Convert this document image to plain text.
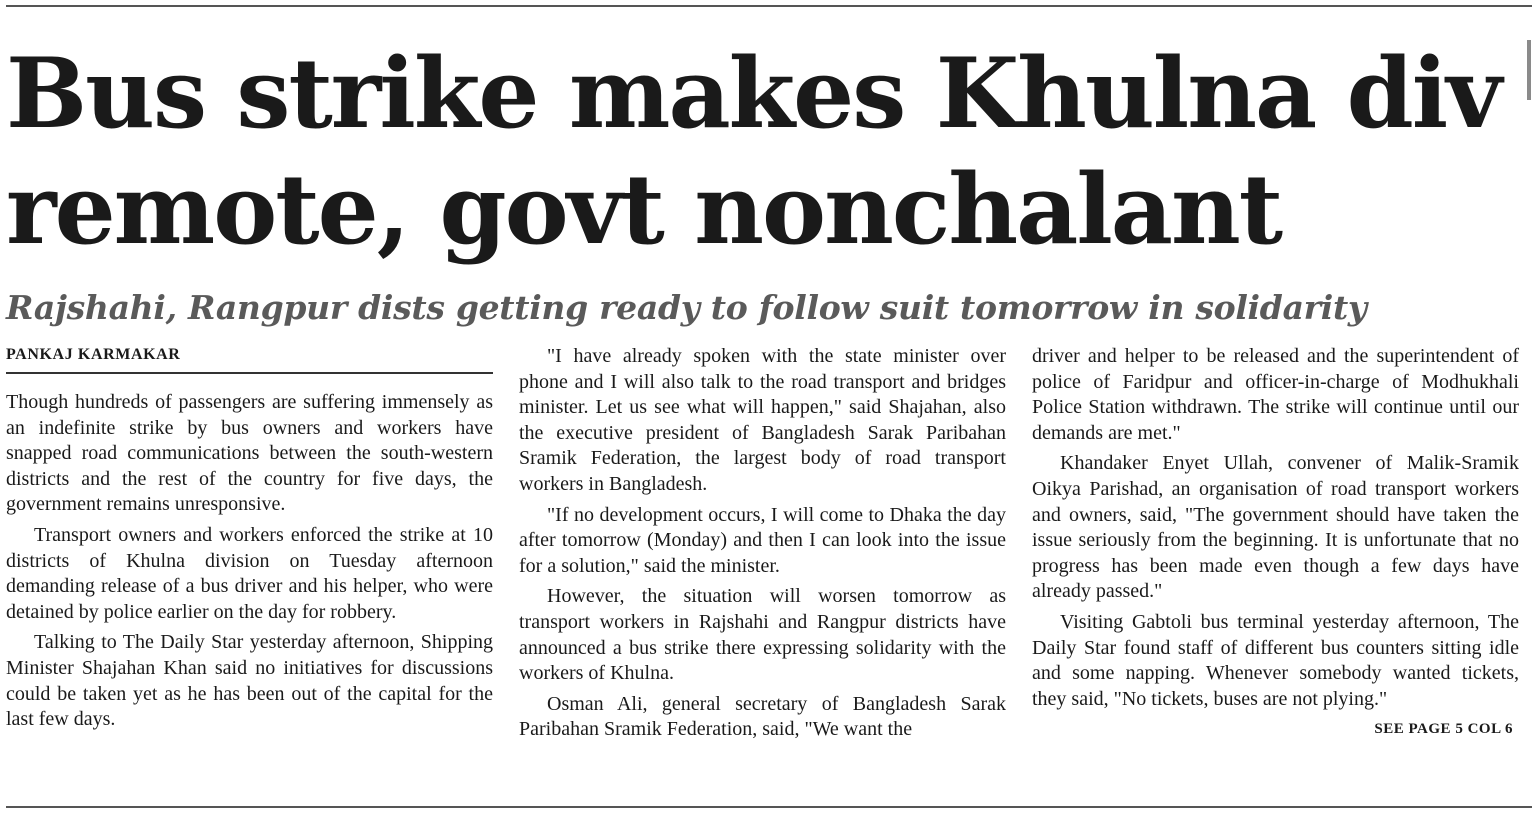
Bus strike makes Khulna div
remote, govt nonchalant
Rajshahi, Rangpur dists getting ready to follow suit tomorrow in solidarity
PANKAJ KARMAKAR

Though hundreds of passengers are suffering immensely as an indefinite strike by bus owners and workers have snapped road communications between the south-western districts and the rest of the country for five days, the government remains unresponsive.

Transport owners and workers enforced the strike at 10 districts of Khulna division on Tuesday afternoon demanding release of a bus driver and his helper, who were detained by police earlier on the day for robbery.

Talking to The Daily Star yesterday afternoon, Shipping Minister Shajahan Khan said no initiatives for discussions could be taken yet as he has been out of the capital for the last few days.

"I have already spoken with the state minister over phone and I will also talk to the road transport and bridges minister. Let us see what will happen," said Shajahan, also the executive president of Bangladesh Sarak Paribahan Sramik Federation, the largest body of road transport workers in Bangladesh.

"If no development occurs, I will come to Dhaka the day after tomorrow (Monday) and then I can look into the issue for a solution," said the minister.

However, the situation will worsen tomorrow as transport workers in Rajshahi and Rangpur districts have announced a bus strike there expressing solidarity with the workers of Khulna.

Osman Ali, general secretary of Bangladesh Sarak Paribahan Sramik Federation, said, "We want the

driver and helper to be released and the superintendent of police of Faridpur and officer-in-charge of Modhukhali Police Station withdrawn. The strike will continue until our demands are met."

Khandaker Enyet Ullah, convener of Malik-Sramik Oikya Parishad, an organisation of road transport workers and owners, said, "The government should have taken the issue seriously from the beginning. It is unfortunate that no progress has been made even though a few days have already passed."

Visiting Gabtoli bus terminal yesterday afternoon, The Daily Star found staff of different bus counters sitting idle and some napping. Whenever somebody wanted tickets, they said, "No tickets, buses are not plying."

SEE PAGE 5 COL 6
